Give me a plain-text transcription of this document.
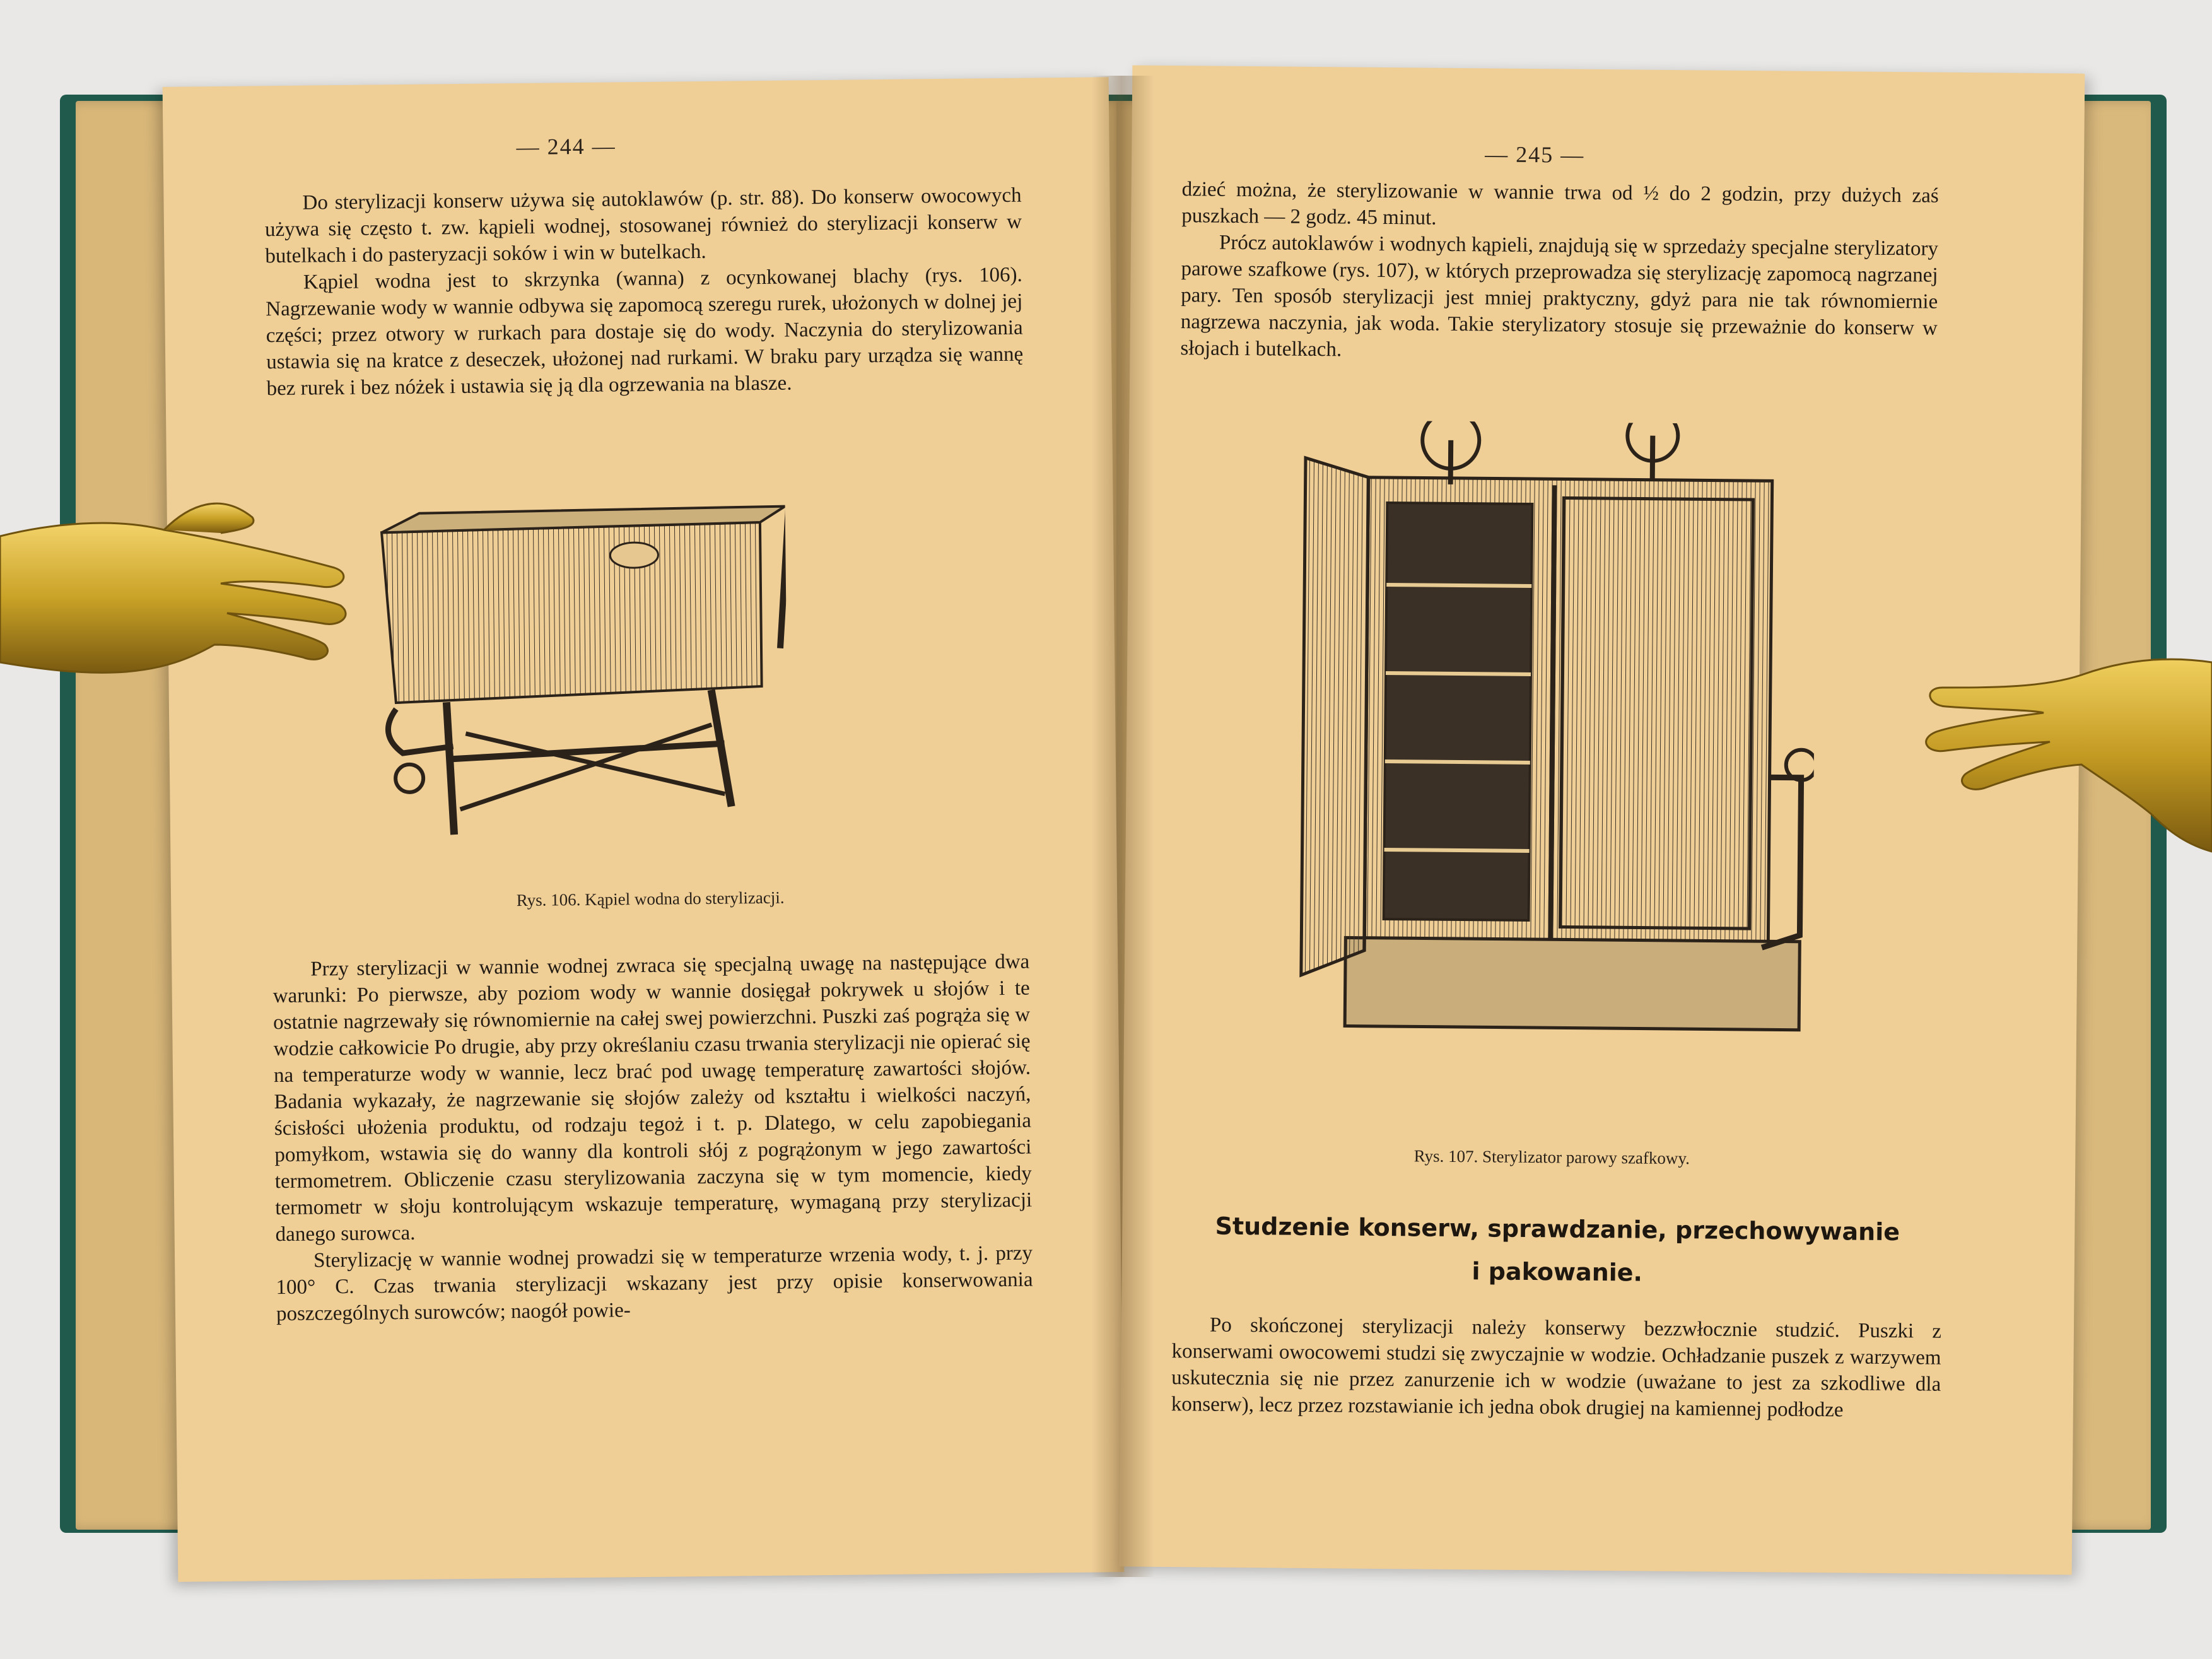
— 244 —

Do sterylizacji konserw używa się autoklawów (p. str. 88). Do konserw owocowych używa się często t. zw. kąpieli wodnej, stosowanej również do sterylizacji konserw w butelkach i do pasteryzacji soków i win w butelkach.

Kąpiel wodna jest to skrzynka (wanna) z ocynkowanej blachy (rys. 106). Nagrzewanie wody w wannie odbywa się zapomocą szeregu rurek, ułożonych w dolnej jej części; przez otwory w rurkach para dostaje się do wody. Naczynia do sterylizowania ustawia się na kratce z deseczek, ułożonej nad rurkami. W braku pary urządza się wannę bez rurek i bez nóżek i ustawia się ją dla ogrzewania na blasze.

Rys. 106. Kąpiel wodna do sterylizacji.

Przy sterylizacji w wannie wodnej zwraca się specjalną uwagę na następujące dwa warunki: Po pierwsze, aby poziom wody w wannie dosięgał pokrywek u słojów i te ostatnie nagrzewały się równomiernie na całej swej powierzchni. Puszki zaś pogrąża się w wodzie całkowicie Po drugie, aby przy określaniu czasu trwania sterylizacji nie opierać się na temperaturze wody w wannie, lecz brać pod uwagę temperaturę zawartości słojów. Badania wykazały, że nagrzewanie się słojów zależy od kształtu i wielkości naczyń, ścisłości ułożenia produktu, od rodzaju tegoż i t. p. Dlatego, w celu zapobiegania pomyłkom, wstawia się do wanny dla kontroli słój z pogrążonym w jego zawartości termometrem. Obliczenie czasu sterylizowania zaczyna się w tym momencie, kiedy termometr w słoju kontrolującym wskazuje temperaturę, wymaganą przy sterylizacji danego surowca.

Sterylizację w wannie wodnej prowadzi się w temperaturze wrzenia wody, t. j. przy 100° C. Czas trwania sterylizacji wskazany jest przy opisie konserwowania poszczególnych surowców; naogół powie-

— 245 —

dzieć można, że sterylizowanie w wannie trwa od ½ do 2 godzin, przy dużych zaś puszkach — 2 godz. 45 minut.

Prócz autoklawów i wodnych kąpieli, znajdują się w sprzedaży specjalne sterylizatory parowe szafkowe (rys. 107), w których przeprowadza się sterylizację zapomocą nagrzanej pary. Ten sposób sterylizacji jest mniej praktyczny, gdyż para nie tak równomiernie nagrzewa naczynia, jak woda. Takie sterylizatory stosuje się przeważnie do konserw w słojach i butelkach.

Rys. 107. Sterylizator parowy szafkowy.
Studzenie konserw, sprawdzanie, przechowywanie
i pakowanie.

Po skończonej sterylizacji należy konserwy bezzwłocznie studzić. Puszki z konserwami owocowemi studzi się zwyczajnie w wodzie. Ochładzanie puszek z warzywem uskutecznia się nie przez zanurzenie ich w wodzie (uważane to jest za szkodliwe dla konserw), lecz przez rozstawianie ich jedna obok drugiej na kamiennej podłodze
